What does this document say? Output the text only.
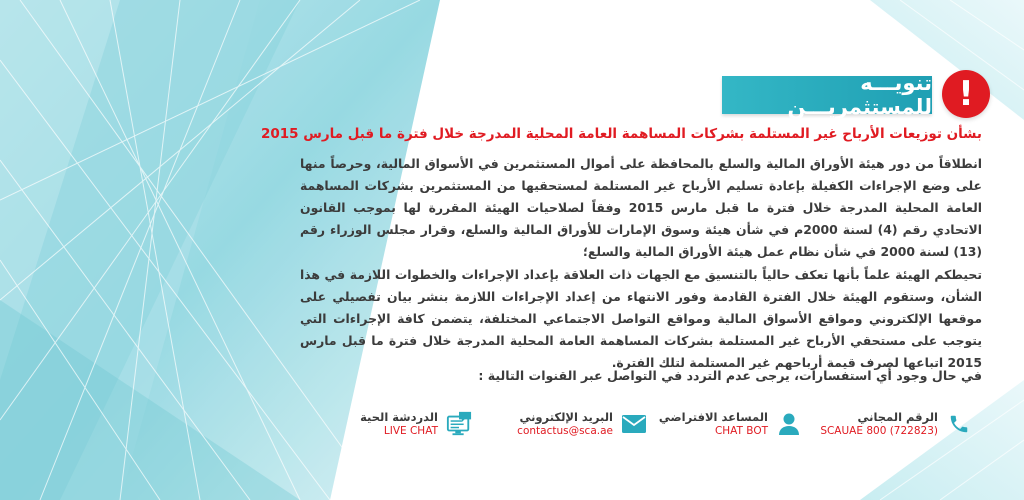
!
تنويـــه للمستثمريـــن
بشأن توزيعات الأرباح غير المستلمة بشركات المساهمة العامة المحلية المدرجة خلال فترة ما قبل مارس 2015
انطلاقاً من دور هيئة الأوراق المالية والسلع بالمحافظة على أموال المستثمرين في الأسواق المالية، وحرصاً منها على وضع الإجراءات الكفيلة بإعادة تسليم الأرباح غير المستلمة لمستحقيها من المستثمرين بشركات المساهمة العامة المحلية المدرجة خلال فترة ما قبل مارس 2015 وفقاً لصلاحيات الهيئة المقررة لها بموجب القانون الاتحادي رقم (4) لسنة 2000م في شأن هيئة وسوق الإمارات للأوراق المالية والسلع، وقرار مجلس الوزراء رقم (13) لسنة 2000 في شأن نظام عمل هيئة الأوراق المالية والسلع؛
تحيطكم الهيئة علماً بأنها تعكف حالياً بالتنسيق مع الجهات ذات العلاقة بإعداد الإجراءات والخطوات اللازمة في هذا الشأن، وستقوم الهيئة خلال الفترة القادمة وفور الانتهاء من إعداد الإجراءات اللازمة بنشر بيان تفصيلي على موقعها الإلكتروني ومواقع الأسواق المالية ومواقع التواصل الاجتماعي المختلفة، يتضمن كافة الإجراءات التي يتوجب على مستحقي الأرباح غير المستلمة بشركات المساهمة العامة المحلية المدرجة خلال فترة ما قبل مارس 2015 اتباعها لصرف قيمة أرباحهم غير المستلمة لتلك الفترة.
في حال وجود أي استفسارات، يرجى عدم التردد في التواصل عبر القنوات التالية :
الرقم المجاني
SCAUAE 800 (722823)
المساعد الافتراضي
CHAT BOT
البريد الإلكتروني
contactus@sca.ae
الدردشة الحية
LIVE CHAT
